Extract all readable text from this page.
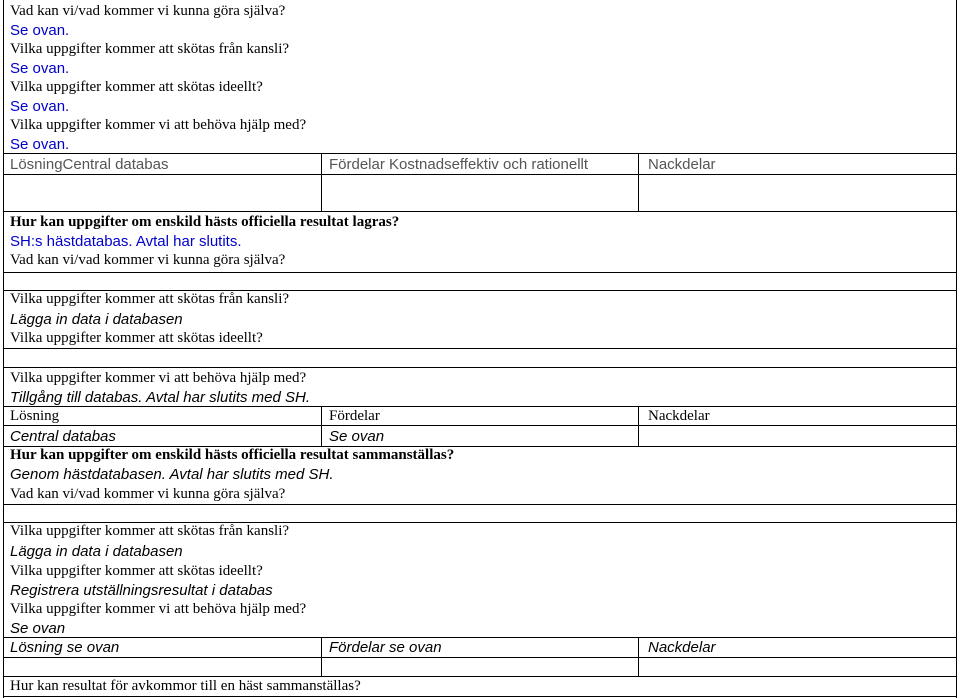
Vad kan vi/vad kommer vi kunna göra själva?
Se ovan.
Vilka uppgifter kommer att skötas från kansli?
Se ovan.
Vilka uppgifter kommer att skötas ideellt?
Se ovan.
Vilka uppgifter kommer vi att behöva hjälp med?
Se ovan.
LösningCentral databas	Fördelar Kostnadseffektiv och rationellt	Nackdelar
Hur kan uppgifter om enskild hästs officiella resultat lagras?
SH:s hästdatabas. Avtal har slutits.
Vad kan vi/vad kommer vi kunna göra själva?
Vilka uppgifter kommer att skötas från kansli?
Lägga in data i databasen
Vilka uppgifter kommer att skötas ideellt?
Vilka uppgifter kommer vi att behöva hjälp med?
Tillgång till databas. Avtal har slutits med SH.
Lösning	Fördelar	Nackdelar
Central databas	Se ovan
Hur kan uppgifter om enskild hästs officiella resultat sammanställas?
Genom hästdatabasen. Avtal har slutits med SH.
Vad kan vi/vad kommer vi kunna göra själva?
Vilka uppgifter kommer att skötas från kansli?
Lägga in data i databasen
Vilka uppgifter kommer att skötas ideellt?
Registrera utställningsresultat i databas
Vilka uppgifter kommer vi att behöva hjälp med?
Se ovan
Lösning se ovan	Fördelar se ovan	Nackdelar
Hur kan resultat för avkommor till en häst sammanställas?
